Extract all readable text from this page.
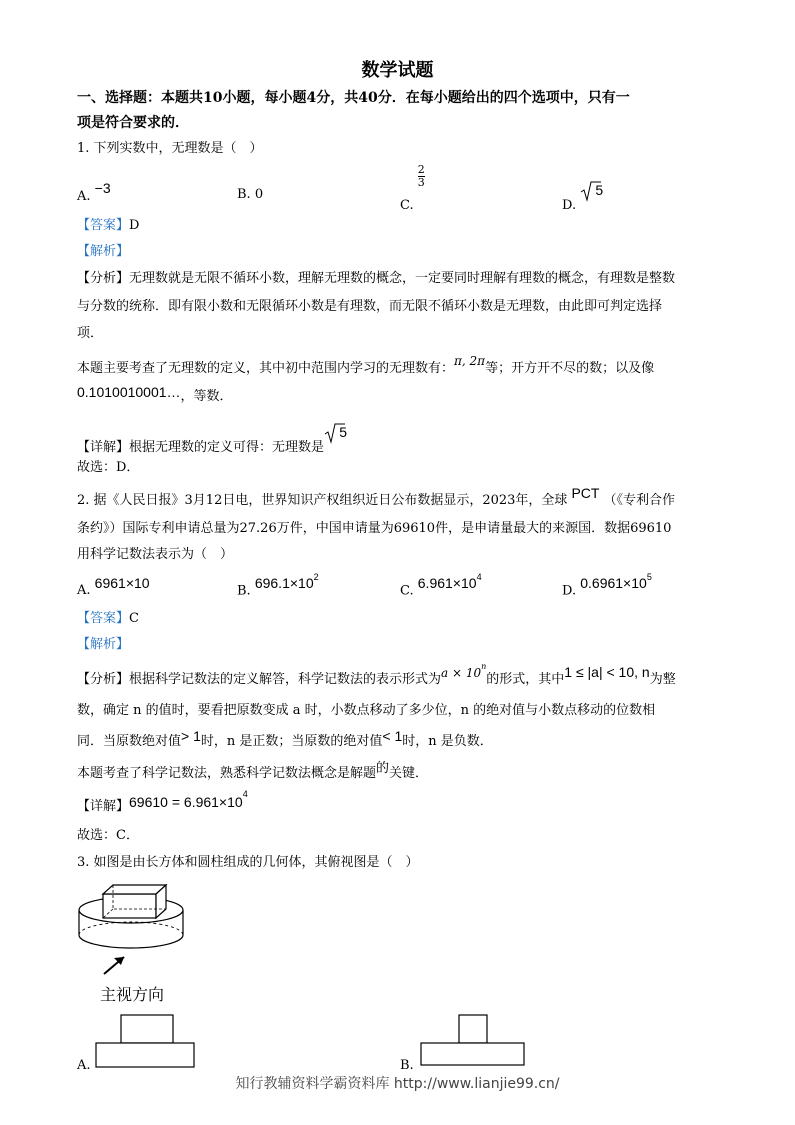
数学试题
一、选择题：本题共10小题，每小题4分，共40分．在每小题给出的四个选项中，只有一
项是符合要求的．
1. 下列实数中，无理数是（　）
A. −3	B. 0
C.
$\frac{2}{3}$
D.  5
【答案】D
【解析】
【分析】无理数就是无限不循环小数，理解无理数的概念，一定要同时理解有理数的概念，有理数是整数
与分数的统称．即有限小数和无限循环小数是有理数，而无限不循环小数是无理数，由此即可判定选择
项．
本题主要考查了无理数的定义，其中初中范围内学习的无理数有：π, 2π等；开方开不尽的数；以及像
0.1010010001…，等数．
【详解】根据无理数的定义可得：无理数是  5
故选：D．
2. 据《人民日报》3月12日电，世界知识产权组织近日公布数据显示，2023年，全球 PCT （《专利合作
条约》）国际专利申请总量为27.26万件，中国申请量为69610件，是申请量最大的来源国．数据69610
用科学记数法表示为（　）
A. 6961×10	B. $696.1\times 10^2$
C. $6.961\times 10^4$
D. $0.6961\times 10^5$
【答案】C
【解析】
【分析】根据科学记数法的定义解答，科学记数法的表示形式为$a \times 10^n$的形式，其中1 ≤ |a| < 10, n为整
数，确定 n 的值时，要看把原数变成 a 时，小数点移动了多少位，n 的绝对值与小数点移动的位数相
同．当原数绝对值> 1时，n 是正数；当原数的绝对值< 1时，n 是负数．
本题考查了科学记数法，熟悉科学记数法概念是解题的关键．
【详解】$69610 = 6.961\times 10^4$
故选：C．
3. 如图是由长方体和圆柱组成的几何体，其俯视图是（　）
主视方向
A.	B.
知行教辅资料学霸资料库 http://www.lianjie99.cn/
